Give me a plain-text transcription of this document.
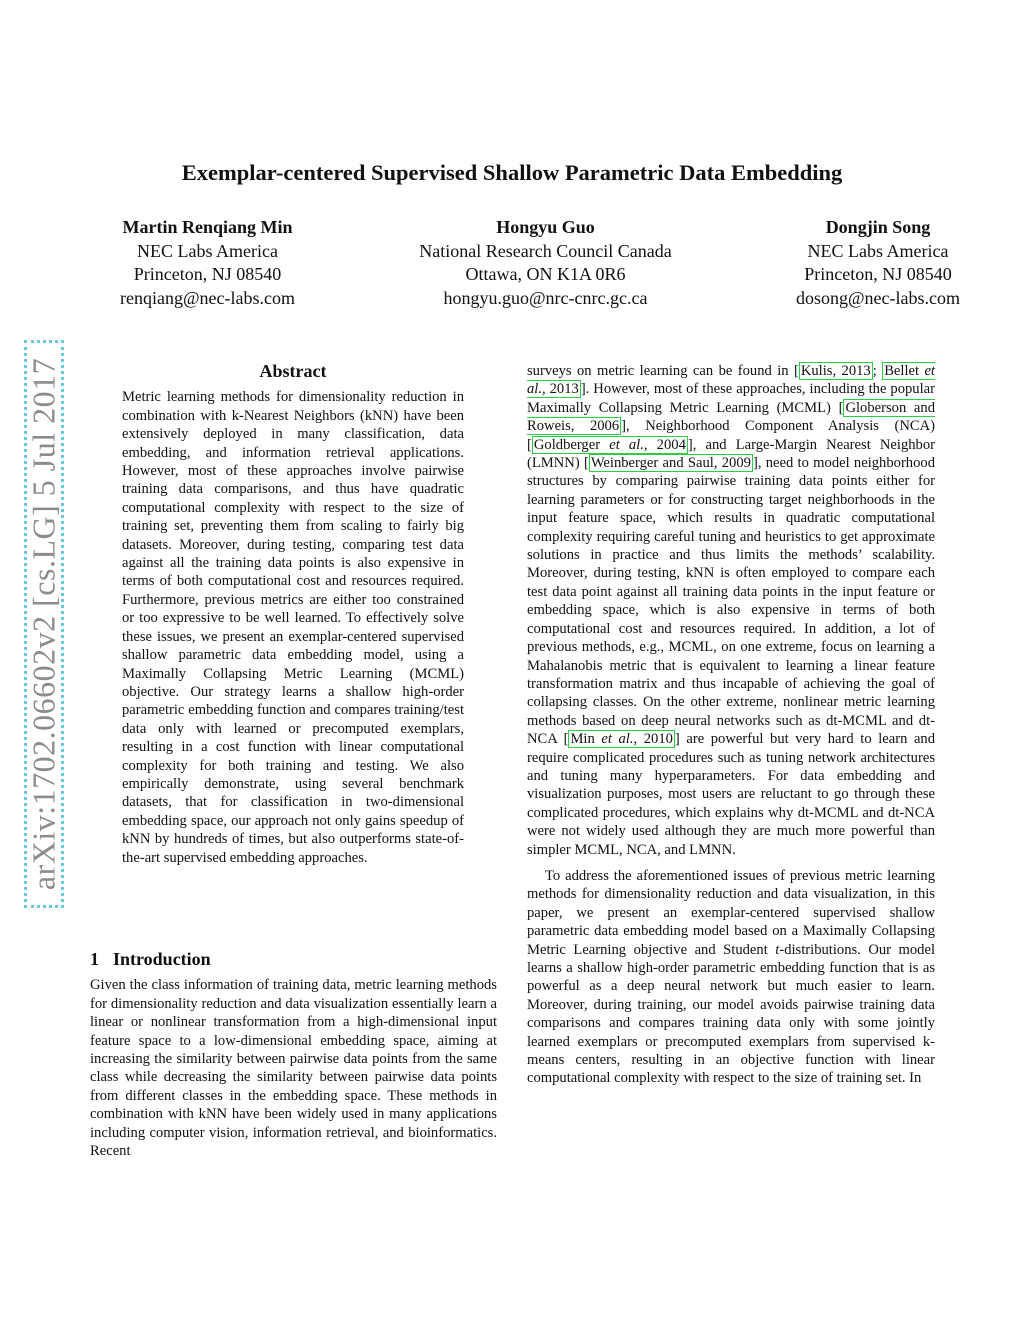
arXiv:1702.06602v2 [cs.LG] 5 Jul 2017
Exemplar-centered Supervised Shallow Parametric Data Embedding
Martin Renqiang Min
NEC Labs America
Princeton, NJ 08540
renqiang@nec-labs.com
Hongyu Guo
National Research Council Canada
Ottawa, ON K1A 0R6
hongyu.guo@nrc-cnrc.gc.ca
Dongjin Song
NEC Labs America
Princeton, NJ 08540
dosong@nec-labs.com
Abstract

Metric learning methods for dimensionality reduction in combination with k-Nearest Neighbors (kNN) have been extensively deployed in many classification, data embedding, and information retrieval applications. However, most of these approaches involve pairwise training data comparisons, and thus have quadratic computational complexity with respect to the size of training set, preventing them from scaling to fairly big datasets. Moreover, during testing, comparing test data against all the training data points is also expensive in terms of both computational cost and resources required. Furthermore, previous metrics are either too constrained or too expressive to be well learned. To effectively solve these issues, we present an exemplar-centered supervised shallow parametric data embedding model, using a Maximally Collapsing Metric Learning (MCML) objective. Our strategy learns a shallow high-order parametric embedding function and compares training/test data only with learned or precomputed exemplars, resulting in a cost function with linear computational complexity for both training and testing. We also empirically demonstrate, using several benchmark datasets, that for classification in two-dimensional embedding space, our approach not only gains speedup of kNN by hundreds of times, but also outperforms state-of-the-art supervised embedding approaches.

1 Introduction

Given the class information of training data, metric learning methods for dimensionality reduction and data visualization essentially learn a linear or nonlinear transformation from a high-dimensional input feature space to a low-dimensional embedding space, aiming at increasing the similarity between pairwise data points from the same class while decreasing the similarity between pairwise data points from different classes in the embedding space. These methods in combination with kNN have been widely used in many applications including computer vision, information retrieval, and bioinformatics. Recent

surveys on metric learning can be found in [ Kulis, 2013 ; Bellet et al., 2013 ]. However, most of these approaches, including the popular Maximally Collapsing Metric Learning (MCML) [ Globerson and Roweis, 2006 ], Neighborhood Component Analysis (NCA) [ Goldberger et al., 2004 ], and Large-Margin Nearest Neighbor (LMNN) [ Weinberger and Saul, 2009 ], need to model neighborhood structures by comparing pairwise training data points either for learning parameters or for constructing target neighborhoods in the input feature space, which results in quadratic computational complexity requiring careful tuning and heuristics to get approximate solutions in practice and thus limits the methods’ scalability. Moreover, during testing, kNN is often employed to compare each test data point against all training data points in the input feature or embedding space, which is also expensive in terms of both computational cost and resources required. In addition, a lot of previous methods, e.g., MCML, on one extreme, focus on learning a Mahalanobis metric that is equivalent to learning a linear feature transformation matrix and thus incapable of achieving the goal of collapsing classes. On the other extreme, nonlinear metric learning methods based on deep neural networks such as dt-MCML and dt-NCA [ Min et al., 2010 ] are powerful but very hard to learn and require complicated procedures such as tuning network architectures and tuning many hyperparameters. For data embedding and visualization purposes, most users are reluctant to go through these complicated procedures, which explains why dt-MCML and dt-NCA were not widely used although they are much more powerful than simpler MCML, NCA, and LMNN.

To address the aforementioned issues of previous metric learning methods for dimensionality reduction and data visualization, in this paper, we present an exemplar-centered supervised shallow parametric data embedding model based on a Maximally Collapsing Metric Learning objective and Student t-distributions. Our model learns a shallow high-order parametric embedding function that is as powerful as a deep neural network but much easier to learn. Moreover, during training, our model avoids pairwise training data comparisons and compares training data only with some jointly learned exemplars or precomputed exemplars from supervised k-means centers, resulting in an objective function with linear computational complexity with respect to the size of training set. In
